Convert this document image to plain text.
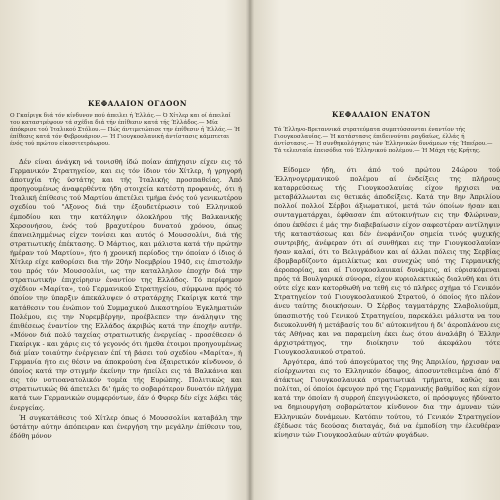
ΚΕΦΑΛΑΙΟΝ ΟΓΔΟΟΝ

Ο Γκαίριγκ διά τόν κίνδυνον πού άπειλει ή Έλλάς.— Ό Χίτλερ και οί άπειλαί του καταστρέψουν τά σχέδια διά τήν έπίθεσιν κατά τής Έλλάδος.— Μία άπόκρισε τού Ίταλικού Στόλου.— Πώς άντιμετώπισε την έπίθεσιν ή Έλλάς.— Ή έπίθεσις κατά τόν Φεβρουάριον.— Ή Γιουγκοσλαυική άντίστασις κάμπτεται ένός τού πρώτου είκοσιτετράωρου.

Δέν είναι άνάγκη νά τονισθή ίδώ ποίαν άπήχησιν είχεν εις τό Γερμανικόν Στρατηγείον, και εις τόν ίδιον τόν Χίτλερ, ή γρηγορή άποτυχία τής ύστάτης και τής Ίταλικής προσπαθείας. Άπό προηγουμένως άναφερθέντα ήδη στοιχεία κατέστη προφανές, ότι ή Ίταλική έπίθεσις τού Μαρτίου άπετέλει τμήμα ένός τού γενικωτέρου σχεδίου τού "Αξονος διά την έξουδετέρωσιν τού Ελληνικού έμποδίου και την κατάληψιν όλοκλήρου τής Βαλκανικής Χερσονήσου, ένός τού βραχυτέρου δυνατού χρόνου, όπως έπανειλημμένως είχεν τονίσει και αυτός ό Μουσσολίνι, διά τής στρατιωτικής έπέκτασης. Ό Μάρτιος, και μάλιστα κατά τήν πρώτην ήμέραν τού Μαρτίου», ήτο ή χρονική περίοδος την όποίαν ό ίδιος ό Χίτλερ είχε καθορίσει δια τήν 20ήν Νοεμβρίου 1940, εις έπιστολήν του πρός τόν Μουσσολίνι, ως την καταλληλον έποχήν διά την στρατιωτικήν έπιχείρησιν έναντίον της Ελλάδος. Τό περίφημον σχέδιον «Μαρίτα», τού Γερμανικού Στρατηγείου, σύμφωνα πρός τό όποίον την ύπαρξιν άπεκάλυψεν ό στρατάρχης Γκαίριγκ κατά την κατάθεσιν του ένώπιον τού Συμμαχικού Δικαστηρίου Έγκληματιών Πολέμου, εις την Νυρεμβέργην, προέβλεπεν την άνάληψιν της έπιθέσεως έναντίον της Ελλάδος άκριβώς κατά την έποχήν αυτήν. «Μόνον διά πολύ ταχείας στρατιωτικής ένεργείας - προσέθεσεν ό Γκαίριγκ - και χάρις εις τό γεγονός ότι ήμεθα έτοιμοι προηγουμένως διά μίαν τοιαύτην ένέργειαν έπί τή βάσει τού σχεδίου «Μαρίτα», ή Γερμανία ήτο εις θέσιν να άποκρούση ένα έξαιρετικόν κίνδυνον, ό όποίος κατά την στιγμήν έκείνην την ήπείλει εις τά Βαλκάνια και εις τόν νοτιοανατολικόν τομέα τής Ευρώπης. Πολιτικώς και στρατιωτικώς θά άπετελει δι' ήμάς το σοβαρότερον δυνατόν πλήγμα κατά των Γερμανικών συμφερόντων, έάν ό Φυρερ δέν είχε λάβει τάς ένεργείας.

Ή συγκατάθεσις τού Χίτλερ όπως ό Μουσσολίνι καταβάλη την ύστάτην αύτην άπόπειραν και ένεργήση την μεγάλην έπίθεσιν του, έδόθη μόνον

ΚΕΦΑΛΑΙΟΝ ΕΝΑΤΟΝ

Τά Έλληνο-Βρεταννικά στρατεύματα συμπτύσσονται έναντίον τής Γιουγκοσλαυίας.— Ή κατάστασις έπιδεινούται ραγδαίως, έλλάς ή άντίστασις.— Ή συνθηκολόγησις τών Έλληνικών δυνάμεων τής Ήπείρου.— Τά τελευταία έπεισόδια τού Έλληνικού πολέμου.— Ή Μάχη τής Κρήτης.

Είδομεν ήδη, ότι άπό τού πρώτου 24ώρου τού Έλληνογερμανικού πολέμου αί ένδείξεις της πλήρους καταρρεύσεως τής Γιουγκοσλαυίας είχον ήρχισει να μεταβάλλωνται εις θετικάς άποδείξεις. Κατά την 8ην Άπριλίου πολλοί πολλοί Σέρβοι άξιωματικοί, μετά τών όποίων ήσαν και συνταγματάρχαι, έφθασαν έπι αύτοκινήτων εις την Φλώριναν, όπου έκθέσει έ μάς την διαβεβαίωσιν είχον σαφεστέραν αντίληψιν τής καταστάσεως και δέν ένεφάνιζον σημεία τινός ψυχικής συντριβής, άνέφεραν ότι αί συνθήκαι εις την Γιουγκοσλαυίαν ήσαν καλαί, ότι το Βελιγράδιον και αί άλλαι πόλεις της Σερβίας έβομβαρδίζοντο άμειλίκτως και συνεχώς υπό της Γερμανικής άεροπορίας, και αί Γιουγκοσλαυικαί δυνάμεις, αί εύρισκόμεναι πρός τά Βουλγαρικά σύνορα, είχον κυριολεκτικώς διαλυθή και ότι ούτε είχε καν κατορθωθή να τεθή εις τό πλήρες σχήμα τό Γενικόν Στρατηγείον τού Γιουγκοσλαυικού Στρατού, ό όποίος ήτο πλέον άνευ ταύτης διοικήσεων. Ό Σέρβος ταγματάρχης Σλαβολιούμπ, ύπασπιστής τού Γενικού Στρατηγείου, παρεκάλει μάλιστα να του διευκολυνθή ή μετάβασίς του δι' αύτοκινήτου ή δι' άεροπλάνου εις τάς Αθήνας και να παραμείνη έκει έως ότου άναλάβη ό Έλλην άρχιστράτηγος, την διοίκησιν τού άκεφάλου τότε Γιουγκοσλαυικού στρατού.

Άργότερα, άπό τού άπογεύματος της 9ης Άπριλίου, ήρχισαν να είσέρχωνται εις το Ελληνικόν έδαφος, άποσυντεθειμένα άπό δ' άτάκτως Γιουγκοσλαυικά στρατιωτικά τμήματα, καθώς και πολίται, οί όποίοι έφευγον πρό της Γερμανικής βαθμίδος και είχον κατά την όποίαν ή συρροή έπεγιγνώσκετο, οί πρόσφυγες ήδύνατο να δημιουργήση σοβαρώτατον κίνδυνον δια την άμυναν τών Ελληνικών δυνάμεων. Κατόπιν τούτου, τό Γενικόν Στρατηγείον έξέδωσε τάς δεούσας διαταγάς, διά να έμποδίση την έλευθέραν κίνησιν τών Γιουγκοσλαύων αύτών φυγάδων.
